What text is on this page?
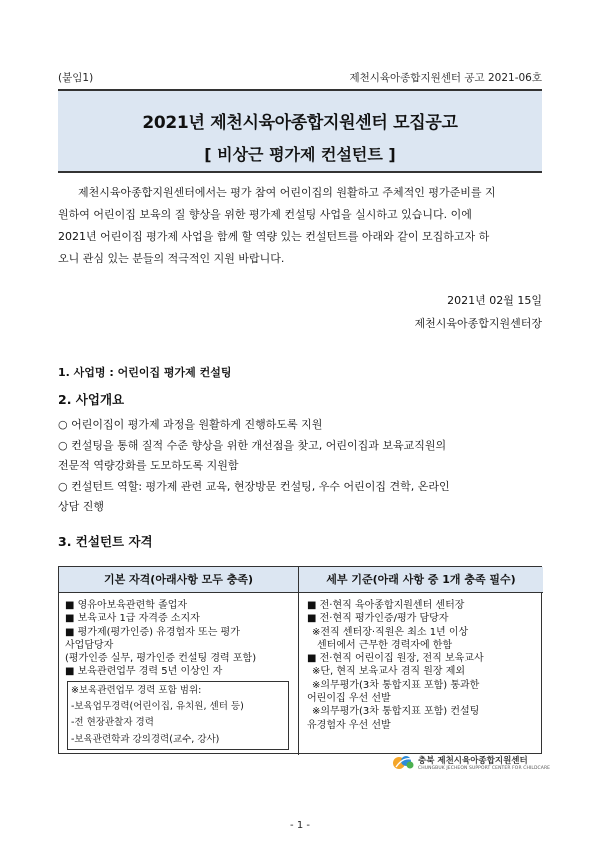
(붙임1)	제천시육아종합지원센터 공고 2021-06호
2021년 제천시육아종합지원센터 모집공고
[ 비상근 평가제 컨설턴트 ]
제천시육아종합지원센터에서는 평가 참여 어린이집의 원활하고 주체적인 평가준비를 지
원하여 어린이집 보육의 질 향상을 위한 평가제 컨설팅 사업을 실시하고 있습니다. 이에
2021년 어린이집 평가제 사업을 함께 할 역량 있는 컨설턴트를 아래와 같이 모집하고자 하
오니 관심 있는 분들의 적극적인 지원 바랍니다.
2021년 02월 15일
제천시육아종합지원센터장
1. 사업명 : 어린이집 평가제 컨설팅
2. 사업개요
○ 어린이집이 평가제 과정을 원활하게 진행하도록 지원
○ 컨설팅을 통해 질적 수준 향상을 위한 개선점을 찾고, 어린이집과 보육교직원의
전문적 역량강화를 도모하도록 지원함
○ 컨설턴트 역할: 평가제 관련 교육, 현장방문 컨설팅, 우수 어린이집 견학, 온라인
상담 진행
3. 컨설턴트 자격
기본 자격(아래사항 모두 충족)	세부 기준(아래 사항 중 1개 충족 필수)
■ 영유아보육관련학 졸업자
■ 보육교사 1급 자격증 소지자
■ 평가제(평가인증) 유경험자 또는 평가
사업담당자
(평가인증 실무, 평가인증 컨설팅 경력 포함)
■ 보육관련업무 경력 5년 이상인 자
※보육관련업무 경력 포함 범위:
-보육업무경력(어린이집, 유치원, 센터 등)
-전 현장관찰자 경력
-보육관련학과 강의경력(교수, 강사)
■ 전·현직 육아종합지원센터 센터장
■ 전·현직 평가인증/평가 담당자
※전직 센터장·직원은 최소 1년 이상
센터에서 근무한 경력자에 한함
■ 전·현직 어린이집 원장, 전직 보육교사
※단, 현직 보육교사 겸직 원장 제외
※의무평가(3차 통합지표 포함) 통과한
어린이집 우선 선발
※의무평가(3차 통합지표 포함) 컨설팅
유경험자 우선 선발
충북 제천시육아종합지원센터
CHUNGBUK JECHEON SUPPORT CENTER FOR CHILDCARE
- 1 -
